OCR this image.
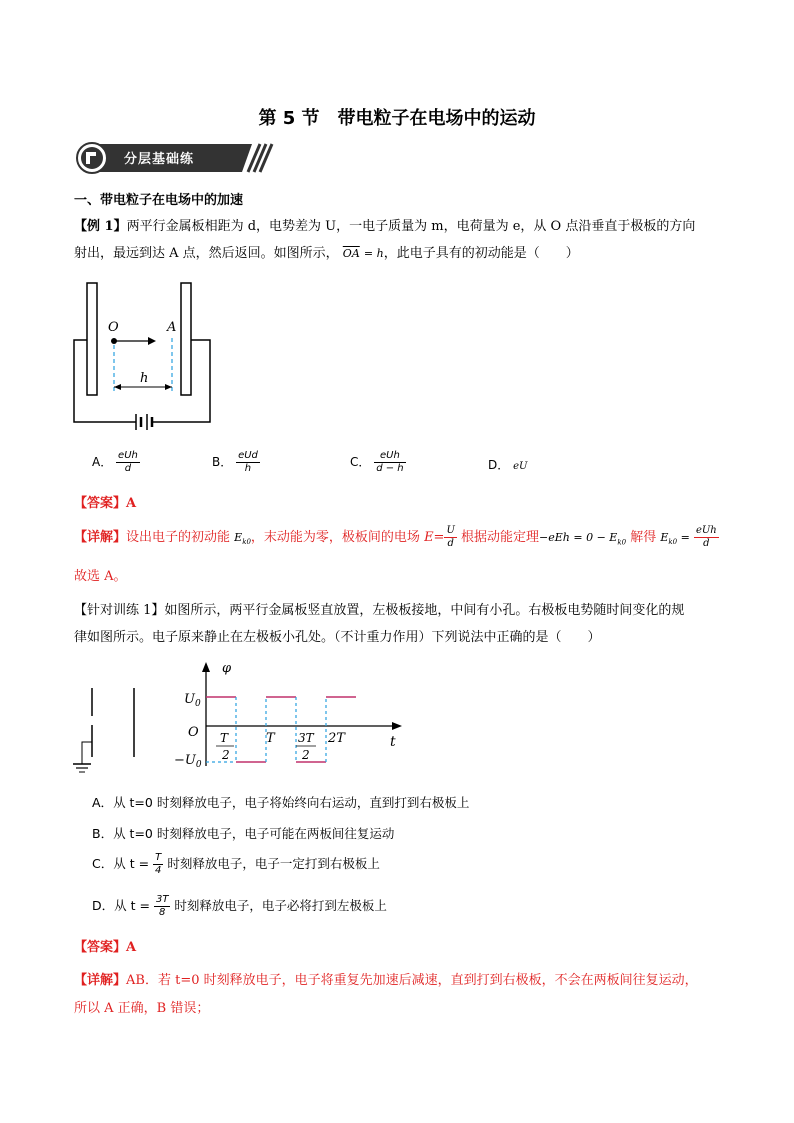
第 5 节　带电粒子在电场中的运动
分层基础练
一、带电粒子在电场中的加速
【例 1】两平行金属板相距为 d，电势差为 U，一电子质量为 m，电荷量为 e，从 O 点沿垂直于极板的方向
射出，最远到达 A 点，然后返回。如图所示， $\overline{OA} = h$，此电子具有的初动能是（　　）
O	A
h
A． $\frac{\text{eUh}}{d}$	B． $\frac{\text{eUd}}{h}$	C． $\frac{\text{eUh}}{d - h}$	D． eU
【答案】A
【详解】设出电子的初动能 $E_{k0}$，末动能为零，极板间的电场 $E= \frac{U}{d}$ 根据动能定理$-eEh = 0 - E_{k0}$ 解得 $E_{k0} = \frac{\text{eUh}}{d}$
故选 A。
【针对训练 1】如图所示，两平行金属板竖直放置，左极板接地，中间有小孔。右极板电势随时间变化的规
律如图所示。电子原来静止在左极板小孔处。（不计重力作用）下列说法中正确的是（　　）
φ
$U_0$
O
$-U_0$
t
T
2
T 3T
2
2T
A．从 t=0 时刻释放电子，电子将始终向右运动，直到打到右极板上
B．从 t=0 时刻释放电子，电子可能在两板间往复运动
C．从 $t = \frac{T}{4}$ 时刻释放电子，电子一定打到右极板上
D．从 $t = \frac{3T}{8}$ 时刻释放电子，电子必将打到左极板上
【答案】A
【详解】AB．若 t=0 时刻释放电子，电子将重复先加速后减速，直到打到右极板，不会在两板间往复运动，
所以 A 正确，B 错误；
